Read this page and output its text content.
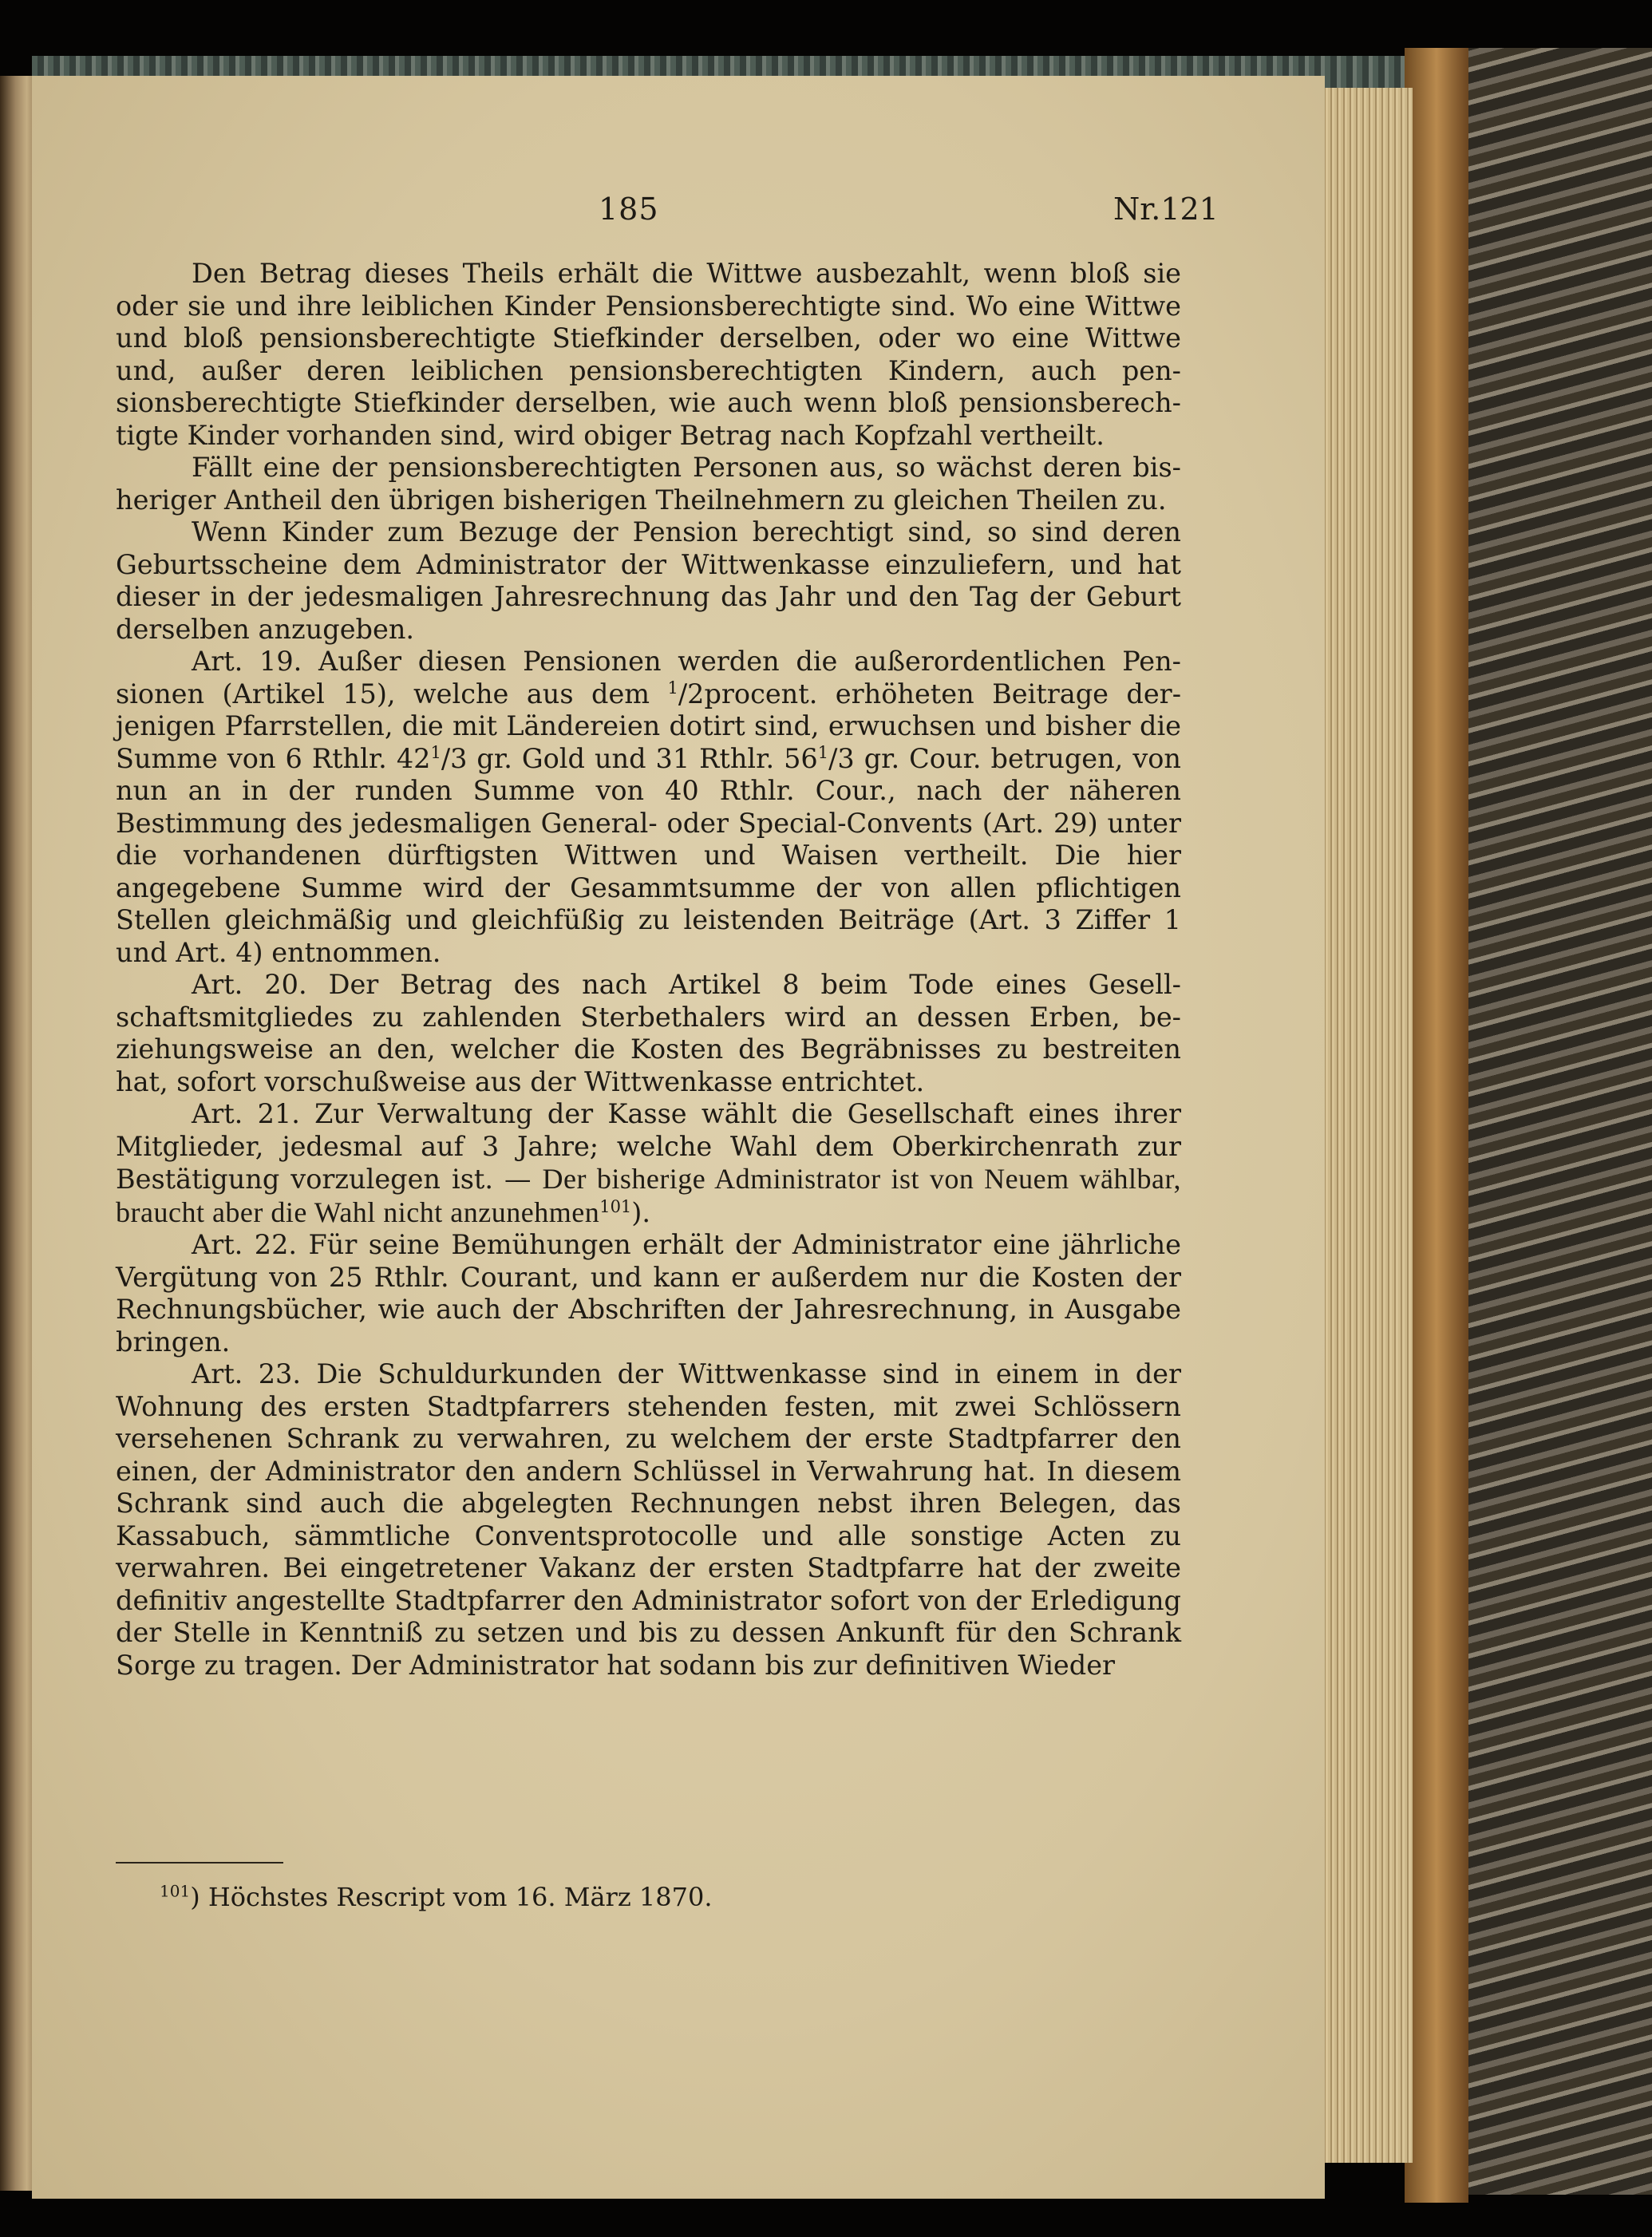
185	Nr.121

Den Betrag dieses Theils erhält die Wittwe ausbezahlt, wenn bloß sie oder sie und ihre leiblichen Kinder Pensionsberechtigte sind. Wo eine Wittwe und bloß pensionsberechtigte Stiefkinder derselben, oder wo eine Wittwe und, außer deren leiblichen pensionsberechtigten Kindern, auch pensionsberechtigte Stiefkinder derselben, wie auch wenn bloß pensionsberechtigte Kinder vorhanden sind, wird obiger Betrag nach Kopfzahl vertheilt.

Fällt eine der pensionsberechtigten Personen aus, so wächst deren bisheriger Antheil den übrigen bisherigen Theilnehmern zu gleichen Theilen zu.

Wenn Kinder zum Bezuge der Pension berechtigt sind, so sind deren Geburtsscheine dem Administrator der Wittwenkasse einzuliefern, und hat dieser in der jedesmaligen Jahresrechnung das Jahr und den Tag der Geburt derselben anzugeben.

Art. 19. Außer diesen Pensionen werden die außerordentlichen Pensionen (Artikel 15), welche aus dem $^1$/2procent. erhöheten Beitrage derjenigen Pfarrstellen, die mit Ländereien dotirt sind, erwuchsen und bisher die Summe von 6 Rthlr. $42^1/3$ gr. Gold und 31 Rthlr. $56^1/3$ gr. Cour. betrugen, von nun an in der runden Summe von 40 Rthlr. Cour., nach der näheren Bestimmung des jedesmaligen General- oder Special-Convents (Art. 29) unter die vorhandenen dürftigsten Wittwen und Waisen vertheilt. Die hier angegebene Summe wird der Gesammtsumme der von allen pflichtigen Stellen gleichmäßig und gleichfüßig zu leistenden Beiträge (Art. 3 Ziffer 1 und Art. 4) entnommen.

Art. 20. Der Betrag des nach Artikel 8 beim Tode eines Gesellschaftsmitgliedes zu zahlenden Sterbethalers wird an dessen Erben, beziehungsweise an den, welcher die Kosten des Begräbnisses zu bestreiten hat, sofort vorschußweise aus der Wittwenkasse entrichtet.

Art. 21. Zur Verwaltung der Kasse wählt die Gesellschaft eines ihrer Mitglieder, jedesmal auf 3 Jahre; welche Wahl dem Oberkirchenrath zur Bestätigung vorzulegen ist. — Der bisherige Administrator ist von Neuem wählbar, braucht aber die Wahl nicht anzunehmen$^{101}$).

Art. 22. Für seine Bemühungen erhält der Administrator eine jährliche Vergütung von 25 Rthlr. Courant, und kann er außerdem nur die Kosten der Rechnungsbücher, wie auch der Abschriften der Jahresrechnung, in Ausgabe bringen.

Art. 23. Die Schuldurkunden der Wittwenkasse sind in einem in der Wohnung des ersten Stadtpfarrers stehenden festen, mit zwei Schlössern versehenen Schrank zu verwahren, zu welchem der erste Stadtpfarrer den einen, der Administrator den andern Schlüssel in Verwahrung hat. In diesem Schrank sind auch die abgelegten Rechnungen nebst ihren Belegen, das Kassabuch, sämmtliche Conventsprotocolle und alle sonstige Acten zu verwahren. Bei eingetretener Vakanz der ersten Stadtpfarre hat der zweite definitiv angestellte Stadtpfarrer den Administrator sofort von der Erledigung der Stelle in Kenntniß zu setzen und bis zu dessen Ankunft für den Schrank Sorge zu tragen. Der Administrator hat sodann bis zur definitiven Wieder

$^{101}$) Höchstes Rescript vom 16. März 1870.
